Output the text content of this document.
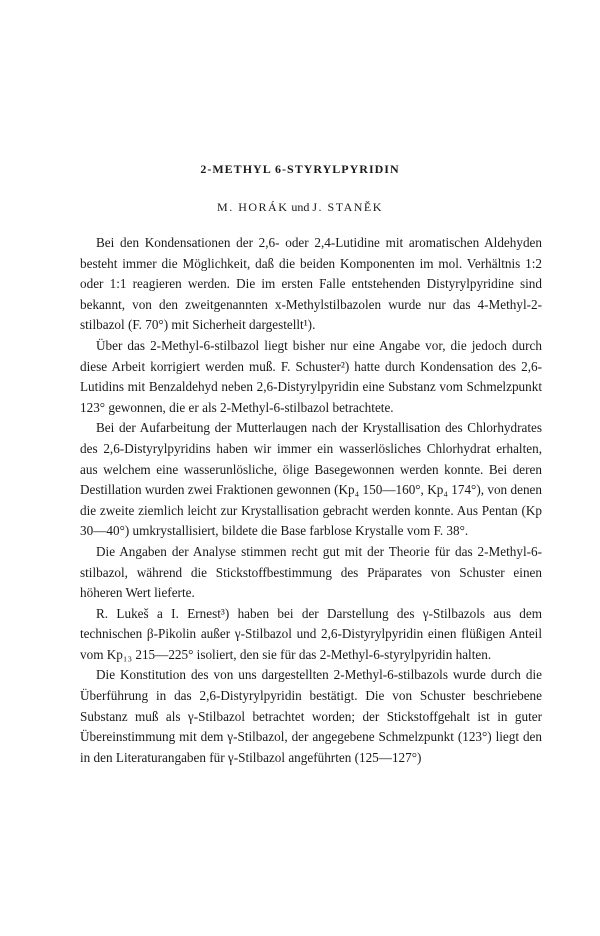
2-METHYL 6-STYRYLPYRIDIN
M. HORÁK und J. STANĚK

Bei den Kondensationen der 2,6- oder 2,4-Lutidine mit aromatischen Aldehyden besteht immer die Möglichkeit, daß die beiden Komponenten im mol. Verhältnis 1:2 oder 1:1 reagieren werden. Die im ersten Falle entstehenden Distyrylpyridine sind bekannt, von den zweitgenannten x-Methylstilbazolen wurde nur das 4-Methyl-2-stilbazol (F. 70°) mit Sicherheit dargestellt¹).

Über das 2-Methyl-6-stilbazol liegt bisher nur eine Angabe vor, die jedoch durch diese Arbeit korrigiert werden muß. F. Schuster²) hatte durch Kondensation des 2,6-Lutidins mit Benzaldehyd neben 2,6-Distyrylpyridin eine Substanz vom Schmelzpunkt 123° gewonnen, die er als 2-Methyl-6-stilbazol betrachtete.

Bei der Aufarbeitung der Mutterlaugen nach der Krystallisation des Chlorhydrates des 2,6-Distyrylpyridins haben wir immer ein wasserlösliches Chlorhydrat erhalten, aus welchem eine wasserunlösliche, ölige Basegewonnen werden konnte. Bei deren Destillation wurden zwei Fraktionen gewonnen (Kp₄ 150—160°, Kp₄ 174°), von denen die zweite ziemlich leicht zur Krystallisation gebracht werden konnte. Aus Pentan (Kp 30—40°) umkrystallisiert, bildete die Base farblose Krystalle vom F. 38°.

Die Angaben der Analyse stimmen recht gut mit der Theorie für das 2-Methyl-6-stilbazol, während die Stickstoffbestimmung des Präparates von Schuster einen höheren Wert lieferte.

R. Lukeš a I. Ernest³) haben bei der Darstellung des γ-Stilbazols aus dem technischen β-Pikolin außer γ-Stilbazol und 2,6-Distyrylpyridin einen flüßigen Anteil vom Kp₁₃ 215—225° isoliert, den sie für das 2-Methyl-6-styrylpyridin halten.

Die Konstitution des von uns dargestellten 2-Methyl-6-stilbazols wurde durch die Überführung in das 2,6-Distyrylpyridin bestätigt. Die von Schuster beschriebene Substanz muß als γ-Stilbazol betrachtet worden; der Stickstoffgehalt ist in guter Übereinstimmung mit dem γ-Stilbazol, der angegebene Schmelzpunkt (123°) liegt den in den Literaturangaben für γ-Stilbazol angeführten (125—127°)
